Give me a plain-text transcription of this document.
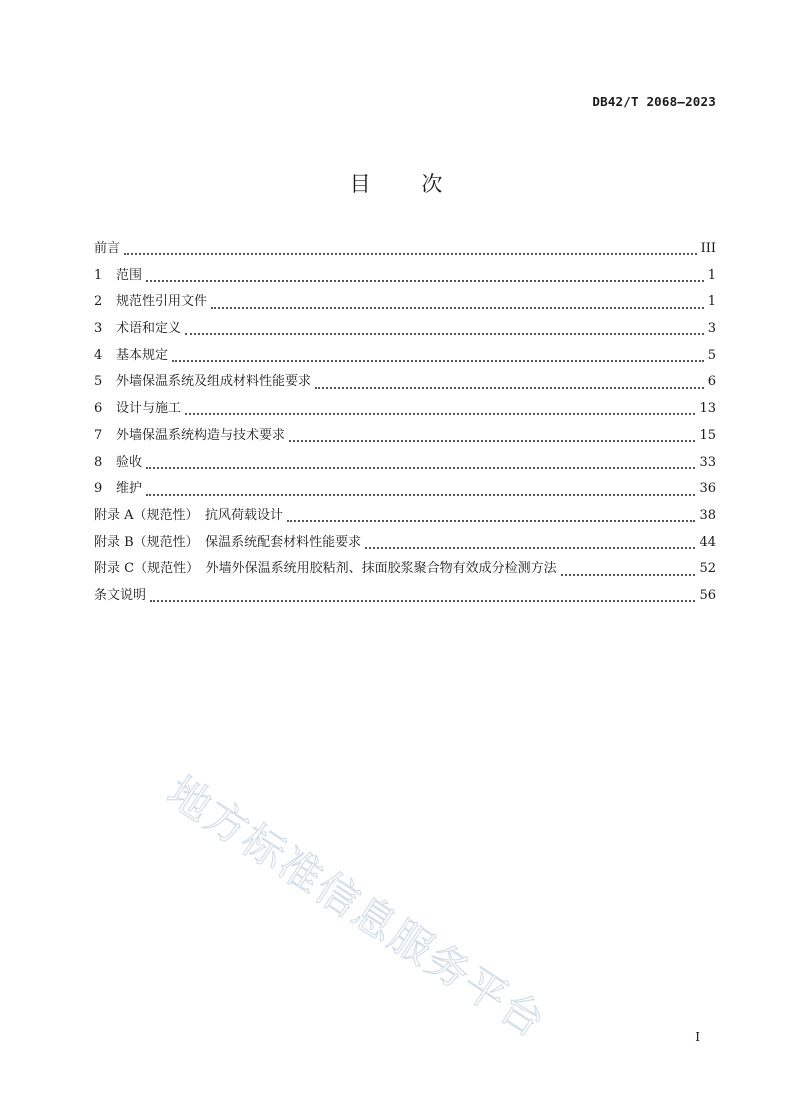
DB42/T 2068—2023
目 次
前言	III
1	范围	1
2	规范性引用文件	1
3	术语和定义	3
4	基本规定	5
5	外墙保温系统及组成材料性能要求	6
6	设计与施工	13
7	外墙保温系统构造与技术要求	15
8	验收	33
9	维护	36
附录 A（规范性）　抗风荷载设计	38
附录 B（规范性）　保温系统配套材料性能要求	44
附录 C（规范性）　外墙外保温系统用胶粘剂、抹面胶浆聚合物有效成分检测方法	52
条文说明	56
地方标准信息服务平台	I
